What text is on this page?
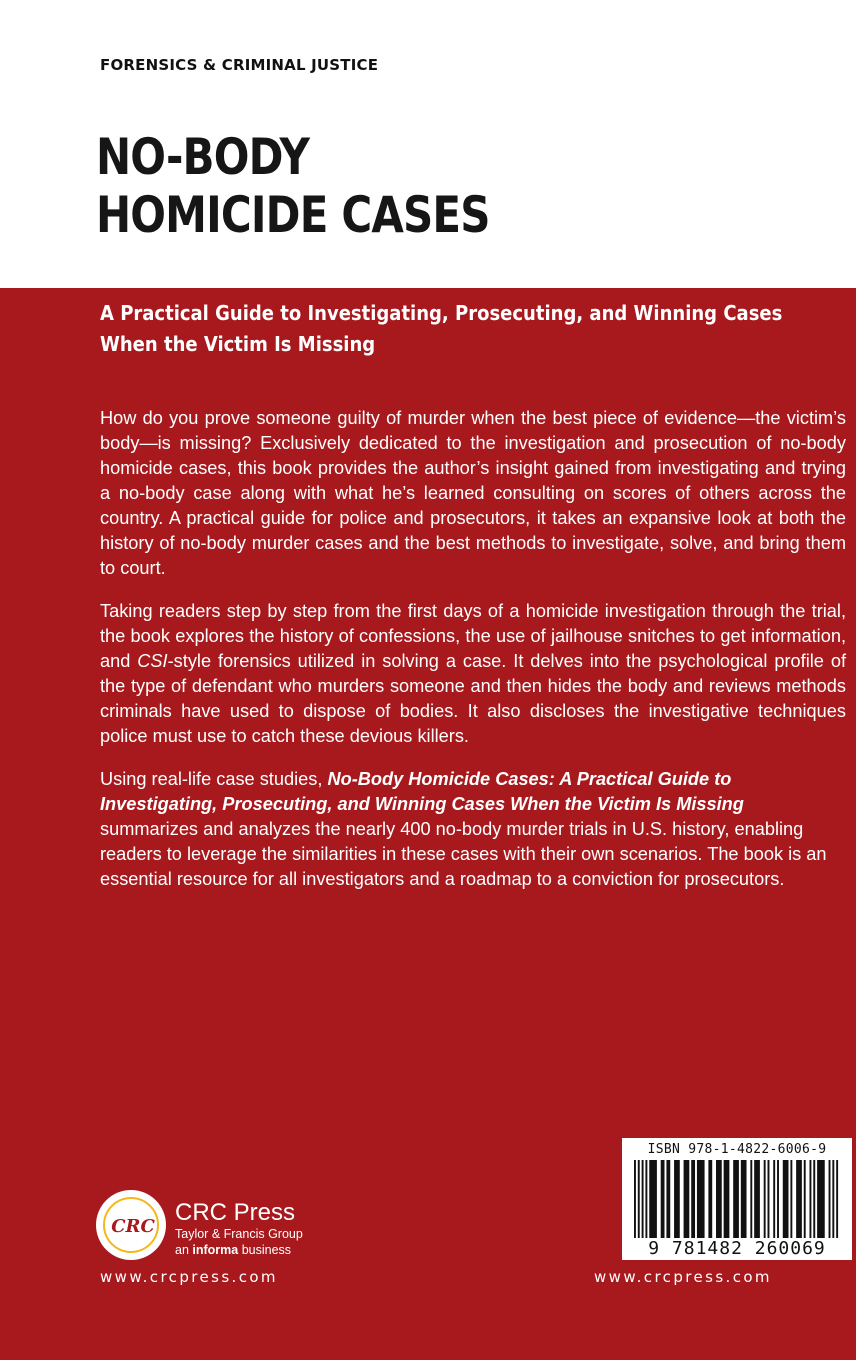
FORENSICS & CRIMINAL JUSTICE
NO-BODY
HOMICIDE CASES
A Practical Guide to Investigating, Prosecuting, and Winning Cases
When the Victim Is Missing

How do you prove someone guilty of murder when the best piece of evidence—the victim’s body—is missing? Exclusively dedicated to the investigation and prosecution of no-body homicide cases, this book provides the author’s insight gained from investigating and trying a no-body case along with what he’s learned consulting on scores of others across the country. A practical guide for police and prosecutors, it takes an expansive look at both the history of no-body murder cases and the best methods to investigate, solve, and bring them to court.

Taking readers step by step from the first days of a homicide investigation through the trial, the book explores the history of confessions, the use of jailhouse snitches to get information, and CSI-style forensics utilized in solving a case. It delves into the psychological profile of the type of defendant who murders someone and then hides the body and reviews methods criminals have used to dispose of bodies. It also discloses the investigative techniques police must use to catch these devious killers.

Using real-life case studies, No-Body Homicide Cases: A Practical Guide to Investigating, Prosecuting, and Winning Cases When the Victim Is Missing summarizes and analyzes the nearly 400 no-body murder trials in U.S. history, enabling readers to leverage the similarities in these cases with their own scenarios. The book is an essential resource for all investigators and a roadmap to a conviction for prosecutors.

CRC
CRC Press
Taylor & Francis Group
an informa business
www.crcpress.com
ISBN 978-1-4822-6006-9
9 781482 260069
www.crcpress.com
